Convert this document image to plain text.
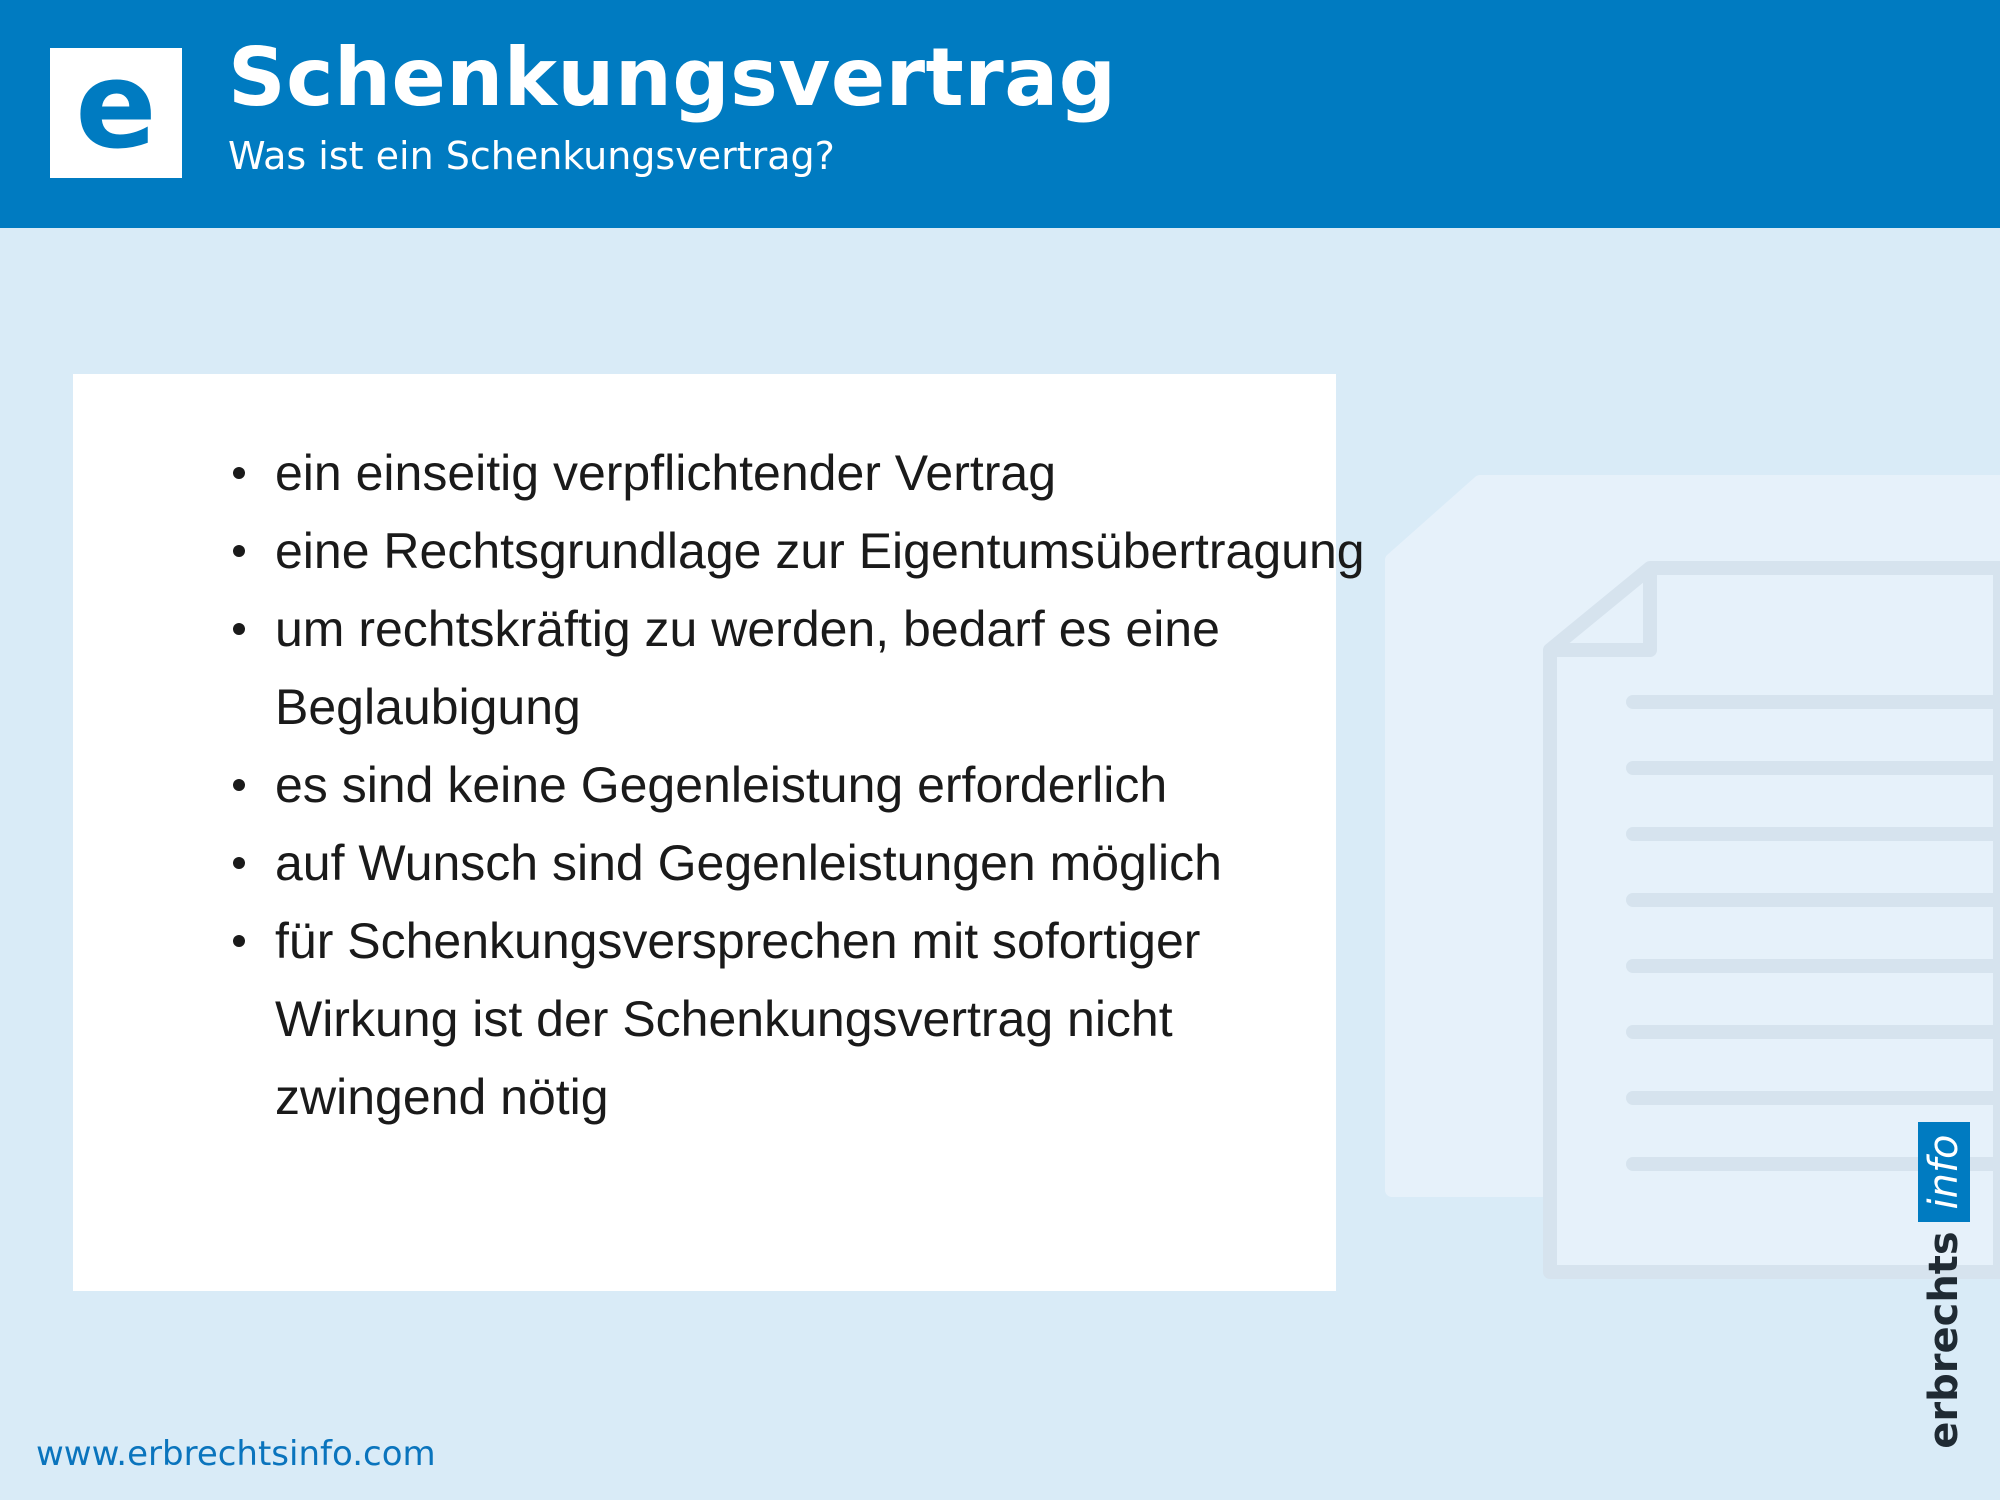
e Schenkungsvertrag
Was ist ein Schenkungsvertrag?
ein einseitig verpflichtender Vertrag
eine Rechtsgrundlage zur Eigentumsübertragung
um rechtskräftig zu werden, bedarf es eine Beglaubigung
es sind keine Gegenleistung erforderlich
auf Wunsch sind Gegenleistungen möglich
für Schenkungsversprechen mit sofortiger Wirkung ist der Schenkungsvertrag nicht zwingend nötig
www.erbrechtsinfo.com
info
erbrechts
